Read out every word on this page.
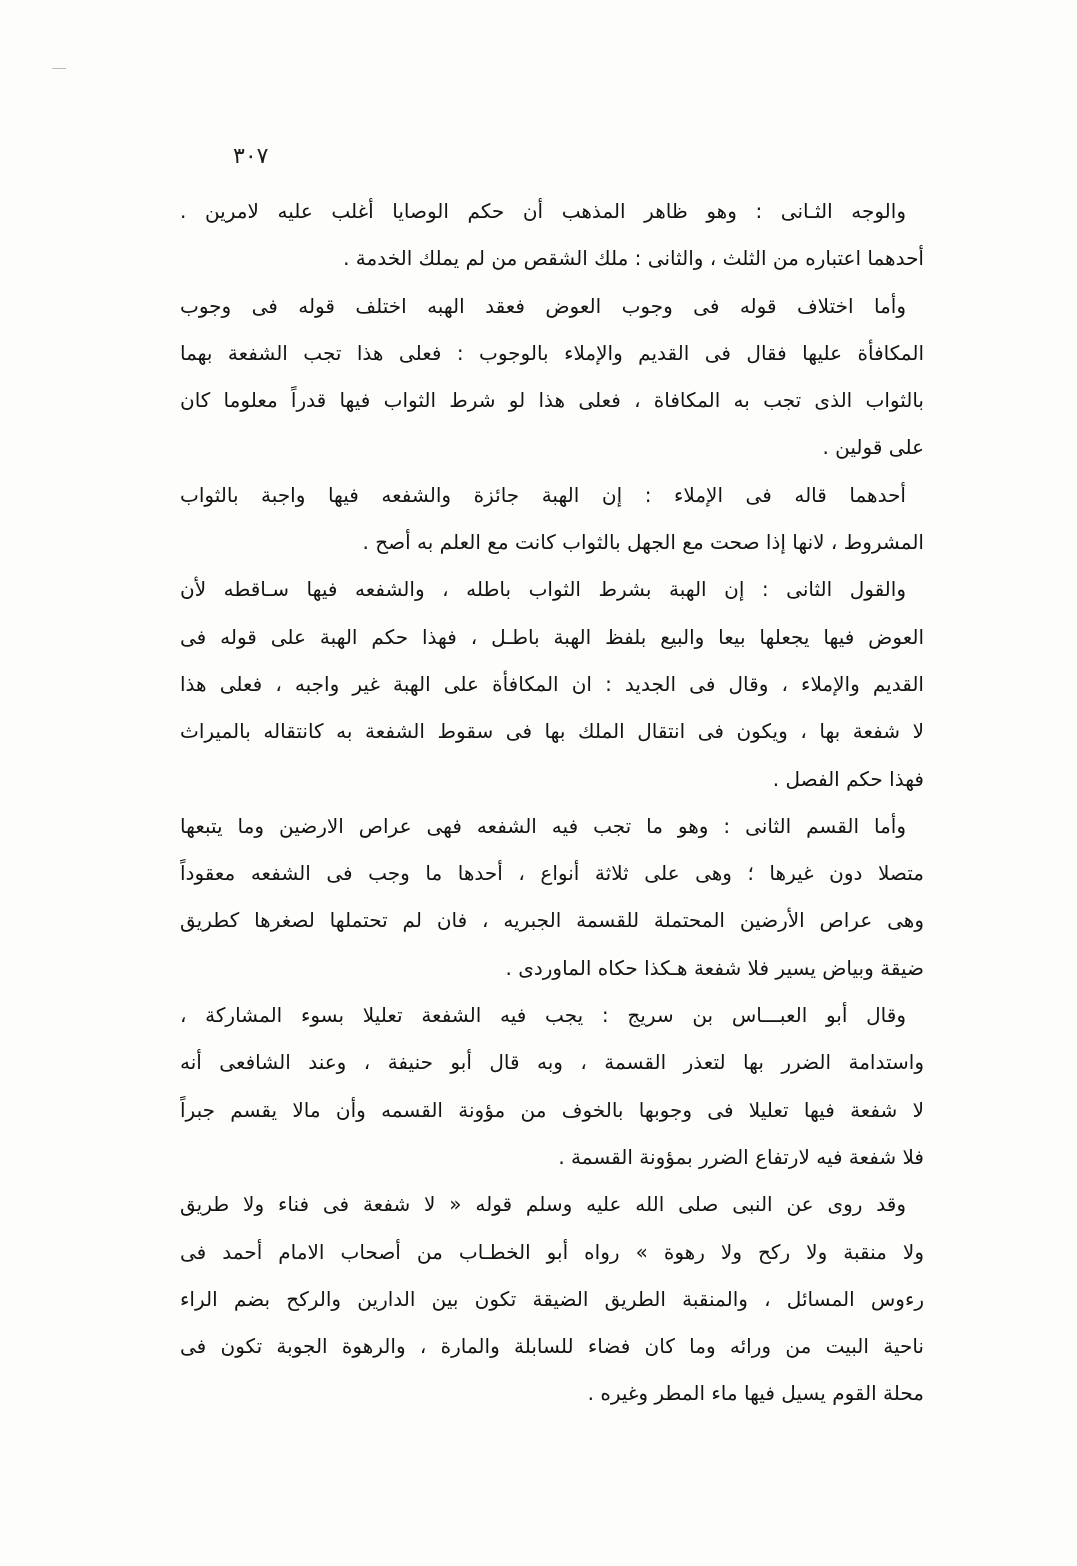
٣٠٧
والوجه الثـانى : وهو ظاهر المذهب أن حكم الوصايا أغلب عليه لامرين .
أحدهما اعتباره من الثلث ، والثانى : ملك الشقص من لم يملك الخدمة .
وأما اختلاف قوله فى وجوب العوض فعقد الهبه اختلف قوله فى وجوب
المكافأة عليها فقال فى القديم والإملاء بالوجوب : فعلى هذا تجب الشفعة بهما
بالثواب الذى تجب به المكافاة ، فعلى هذا لو شرط الثواب فيها قدراً معلوما كان
على قولين .
أحدهما قاله فى الإملاء : إن الهبة جائزة والشفعه فيها واجبة بالثواب
المشروط ، لانها إذا صحت مع الجهل بالثواب كانت مع العلم به أصح .
والقول الثانى : إن الهبة بشرط الثواب باطله ، والشفعه فيها سـاقطه لأن
العوض فيها يجعلها بيعا والبيع بلفظ الهبة باطـل ، فهذا حكم الهبة على قوله فى
القديم والإملاء ، وقال فى الجديد : ان المكافأة على الهبة غير واجبه ، فعلى هذا
لا شفعة بها ، ويكون فى انتقال الملك بها فى سقوط الشفعة به كانتقاله بالميراث
فهذا حكم الفصل .
وأما القسم الثانى : وهو ما تجب فيه الشفعه فهى عراص الارضين وما يتبعها
متصلا دون غيرها ؛ وهى على ثلاثة أنواع ، أحدها ما وجب فى الشفعه معقوداً
وهى عراص الأرضين المحتملة للقسمة الجبريه ، فان لم تحتملها لصغرها كطريق
ضيقة وبياض يسير فلا شفعة هـكذا حكاه الماوردى .
وقال أبو العبـــاس بن سريج : يجب فيه الشفعة تعليلا بسوء المشاركة ،
واستدامة الضرر بها لتعذر القسمة ، وبه قال أبو حنيفة ، وعند الشافعى أنه
لا شفعة فيها تعليلا فى وجوبها بالخوف من مؤونة القسمه وأن مالا يقسم جبراً
فلا شفعة فيه لارتفاع الضرر بمؤونة القسمة .
وقد روى عن النبى صلى الله عليه وسلم قوله « لا شفعة فى فناء ولا طريق
ولا منقبة ولا ركح ولا رهوة » رواه أبو الخطـاب من أصحاب الامام أحمد فى
رءوس المسائل ، والمنقبة الطريق الضيقة تكون بين الدارين والركح بضم الراء
ناحية البيت من ورائه وما كان فضاء للسابلة والمارة ، والرهوة الجوبة تكون فى
محلة القوم يسيل فيها ماء المطر وغيره .
